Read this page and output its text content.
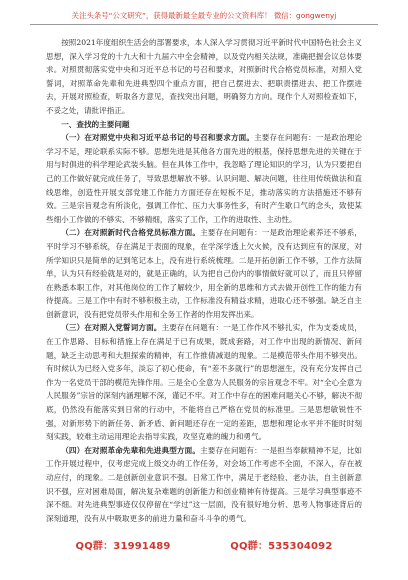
关注头条号“公文研究”，获得最新最全最专业的公文资料库！ 微信：gongwenyj

按照2021年度组织生活会的部署要求，本人深入学习贯彻习近平新时代中国特色社会主义思想，深入学习党的十九大和十九届六中全会精神，以及党内相关法规，准确把握会议总体要求。对照贯彻落实党中央和习近平总书记的号召和要求，对照新时代合格党员标准，对照入党誓词，对照革命先辈和先进典型四个重点方面，把自己摆进去、把职责摆进去、把工作摆进去，开展对照检查，听取各方意见，查找突出问题，明确努力方向。现作个人对照检查如下，不妥之处，请批评指正。

一、查找的主要问题

（一）在对照党中央和习近平总书记的号召和要求方面。主要存在问题有：一是政治理论学习不足，理论联系实际不够。思想先进是其他各方面先进的根基，保持思想先进的关键在于用与时俱进的科学理论武装头脑。但在具体工作中，我忽略了理论知识的学习，认为只要把自己的工作做好就完成任务了，导致思想解放不够。认识问题、解决问题，往往用传统做法和直线思维，创造性开展支部党建工作能力方面还存在短板不足，推动落实的方法措施还不够有效。三是宗旨观念有所淡化，强调工作忙、压力大事务性多，有时产生歇口气的念头，致使某些细小工作做的不够实、不够精细，落实了工作，工作的进取性、主动性。

（二）在对照新时代合格党员标准方面。主要存在问题有：一是政治理论素养还不够系，平时学习不够系统，存在满足于表面的现象，在学深学透上欠火候，没有达到应有的深度，对所学知识只是简单的记到笔记本上，没有进行系统梳理。二是开拓创新工作不够，工作方法简单，认为只有经验就是对的，就是正确的，认为把自己份内的事情做好就可以了，而且只停留在熟悉本职工作，对其他岗位的工作了解较少，用全新的思维和方式去做开创性工作的能力有待提高。三是工作中有时不够积极主动，工作标准没有精益求精，进取心还不够强。缺乏自主创新意识，没有把党员带头作用和全务工作者的作用发挥出来。

（三）在对照入党誓词方面。主要存在问题有：一是工作作风不够扎实，作为支委成员，在工作思路、目标和措施上存在满足于已有成果，既成套路，对工作中出现的新情况、新问题，缺乏主动思考和大胆探索的精神，有工作推倩减退的现象。二是模范带头作用不够突出。有时候认为已经入党多年，淡忘了初心使命，有“差不多就行”的思想滋生，没有充分发挥自己作为一名党员干部的模范先锋作用。三是全心全意为人民服务的宗旨观念不牢。对“全心全意为人民服务”宗旨的深刻内涵理解不深，谨记不牢。对工作中存在的困难问题关心不够，解决不彻底，仍然没有能落实到日常的行动中，不能将自己严格在党员的标准里。三是思想敏锐性不强，对新形势下的新任务、新矛盾、新问题还存在一定的差距，思想和理论水平并不能时时刻刻实践，较难主动运用理论去指导实践，攻坚克难的魄力和勇气。

（四）在对照革命先辈和先进典型方面。主要存在问题有：一是担当奉献精神不足，比如工作开展过程中，仅考虑完成上级交办的工作任务，对会场工作考虑不全面，不深入，存在被动应付，的现象。二是创新创业意识不强。日常工作中，满足于老经验、老办法，自主创新意识不强，应对困难局面，解决复杂难题的创新能力和创业精神有待提高。三是学习典型事迹不深不细。对先进典型事迹仅仅停留在“学过”这一层面，没有很好地分析、思考人物事迹背后的深刻道理，没有从中吸取更多的前进力量和奋斗斗争的勇气。

QQ群：31991489	QQ群：535304092
